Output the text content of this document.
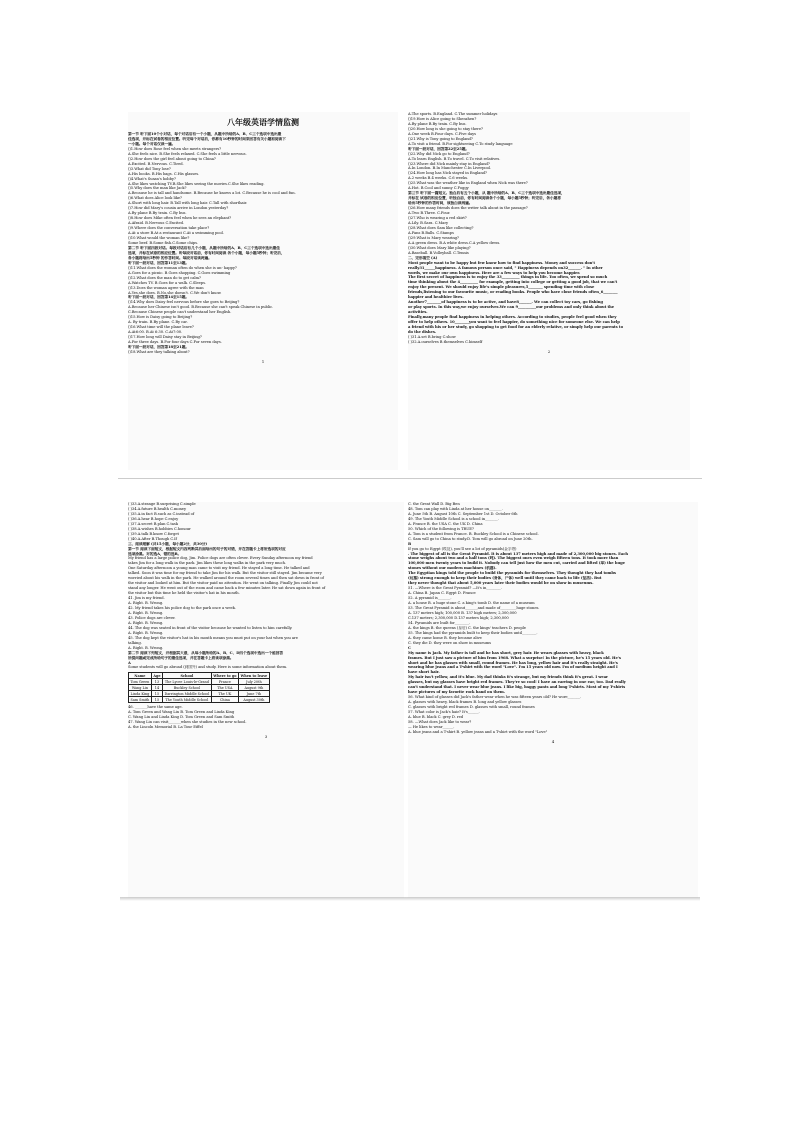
八年级英语学情监测
第一节 听下面10个小对话，每个对话后有一个小题，从题中所给的A、B、C三个选项中选出最
佳选项，并标在试卷的相应位置。听完每个对话后，你都有10秒钟的时间来回答有关小题和阅读下
一小题。每个对话仅读一遍。
()1.How does Rose feel when she meets strangers?
A.She feels nice. B.She feels relaxed. C.She feels a little nervous.
()2.How does the girl feel about going to China?
A.Excited. B.Nervous. C.Tired.
()3.What did Tony lose?
A.His books. B.His bags. C.His glasses.
()4.What's Susan's hobby?
A.She likes watching TV.B.She likes seeing the movies.C.She likes reading.
()5.Why does the man like Jack?
A.Because he is tall and handsome. B.Because he knows a lot. C.Because he is cool and fun.
()6.What does Alice look like?
A.Short with long hair. B.Tall with long hair. C.Tall with shorthair.
()7.How did Mary's cousin arrive in London yesterday?
A.By plane B.By train. C.By bus.
()8.How does Mike often feel when he sees an elephant?
A.Afraid. B.Nervous C.Excited.
()9.Where does the conversation take place?
A.At a store B.At a restaurant C.At a swimming pool.
()10.What would the woman like?
Some beef. B.Some fish.C.Some chips.
第二节 听下面四段对话。每段对话后有几个小题，从题中所给的A、B、C三个选项中选出最佳
选项，并标在试卷的相应位置。听每段对话前，你有时间阅读 各个小题，每小题5秒钟；听完后，
各小题将给出5秒钟 的作答时间。每段对话读两遍。
听下面一段对话，回答第11至13题。
()11.What does the woman often do when she is un- happy?
A.Goes for a picnic. B.Goes shopping. C.Goes swimming
()12.What does the man do to get calm?
A.Watches TV. B.Goes for a walk. C.Sleeps.
()13.Does the woman agree with the man
A.Yes,she does. B.No,she doesn't. C.We don't know.
听下面一段对话，回答第14至15题。
()14.Why does Daisy feel nervous before she goes to Beijing?
A.Because her Chinese isn't good. B.Because she can't speak Chinese in public.
C.Because Chinese people can't understand her English.
()15.How is Daisy going to Beijing?
A. By train. B.By plane. C.By car.
()16.What time will the plane leave?
A.At6:00. B.At 6:30. C.At7:00.
()17.How long will Daisy stay in Beijing?
A.For three days. B.For four days C.For seven days.
听下面一段对话，回答第18至21题。
()18.What are they talking about?
1
A.The sports. B.England. C.The summer holidays
()19.How is Alice going to Shenzhen?
A.By plane B.By train. C.By bus.
()20.How long is she going to stay there?
A.One week B.Four days. C.Five days
()21.Why is Tony going to England?
A.To visit a friend. B.For sightseeing C.To study language
听下面一段对话，回答第22至25题。
()22.Why did Nick go to England?
A.To learn English. B.To travel. C.To visit relatives.
()23.Where did Nick mainly stay in England?
A.In London. B.In Manchester C.In Liverpool.
()24.How long has Nick stayed in England?
A.2 weeks B.4 weeks. C.6 weeks.
()25.What was the weather like in England when Nick was there?
A.Hot. B.Cool and sunny C.Foggy
第三节 听下面一篇短文。独白后有五个小题，从 题中所给的A、B、C三个选项中选出最佳选项，
并标在 试卷的相应位置，听独白前，你有时间阅读各个小题，每小题5秒钟；听完后，各小题将
给出5秒钟的作答时间，该独白读两遍。
()26.How many friends does the writer talk about in the passage?
A.Two B.Three. C.Four.
()27.Who is wearing a red skirt?
A.Lily. B.Sara. C.Mary
()28.What does Sam like collecting?
A.Fans B.Balls. C.Stamps
()29.What is Mary wearing?
A.A green dress. B.A white dress.C.A yellow dress.
()30.What does Mary like playing?
A.Baseball. B.Volleyball. C.Tennis
二、完形填空 (A)
Most people want to be happy but few know how to find happiness. Money and success don't
really31______happiness. A famous person once said, " Happiness depends on32_______. " In other
words, we make our own happiness. Here are a few ways to help you become happier.
The first secret of happiness is to enjoy the 33__________ things in life. Too often, we spend so much
time thinking about the 4__________ for example, getting into college or getting a good job, that we can't
enjoy the present. We should enjoy life's simple pleasures,5________ spending time with close
friends,listening to our favourite music, or reading books. People who have close friends often_6________
happier and healthier lives.
Another7________of happiness is to be active, and have8_______. We can collect toy cars, go fishing
or play sports. In this way,we enjoy ourselves.We can 9__________our problems and only think about the
activities.
Finally,many people find happiness in helping others. According to studies, people feel good when they
offer to help others. 10________you want to feel happier, do something nice for someone else. We can help
a friend with his or her study, go shopping to get food for an elderly relative, or simply help our parents to
do the dishes.
( )31.A.set B.bring C.show
( )32.A.ourselves B.themselves C.himself
2
( )33.A.strange B.surprising C.simple
( )34.A.future B.health C.money
( )35.A.in fact B.such as C.instead of
( )36.A.hear B.hope C.enjoy
( )37.A.secret B.plan C.task
( )38.A.wishes B.hobbies C.honour
( )39.A.talk B.know C.forget
( )40.A.After B.Though C.If
三、阅读理解 (共15小题，每小题2分，共30分)
第一节 阅读下面短文，根据短文内容判断其后面给出的句子的对错，并在答题卡上将所选项的对应
选项涂黑。对的选A，错的选B。
My friend has a large police dog, Jim. Police dogs are often clever. Every Sunday afternoon my friend
takes Jim for a long walk in the park. Jim likes these long walks in the park very much.
One Saturday afternoon a young man came to visit my friend. He stayed a long time. He talked and
talked. Soon it was time for my friend to take Jim for his walk. But the visitor still stayed. Jim became very
worried about his walk in the park. He walked around the room several times and then sat down in front of
the visitor and looked at him. But the visitor paid no attention. He went on talking. Finally Jim could not
stand any longer. He went out of the room and came back a few minutes later. He sat down again in front of
the visitor but this time he held the visitor's hat in his mouth.
41. Jim is my friend.
A. Right. B. Wrong.
42. My friend takes his police dog to the park once a week.
A. Right. B. Wrong.
43. Police dogs are clever.
A. Right. B. Wrong.
44. The dog was seated in front of the visitor because he wanted to listen to him carefully.
A. Right. B. Wrong.
45. The dog kept the visitor's hat in his mouth means you must put on your hat when you are
talking.
A. Right. B. Wrong.
第二节 阅读下列短文，并根据其大意，从每小题所给的A、B、C、D四个选项中选出一个能回答
所提问题或完成所给句子的最佳选项，并在答题卡上将该项涂黑。
A
Some students will go abroad (到国外) and study. Here is some information about them.
Name	Age	School	Where to go	When to leave
Tom Green	13	The Lycee Louis-le-Grand	France	July 20th
Wang Lin	14	Buckley School	The USA	August 9th
Linda King	15	Darrington Middle School	The UK	June 7th
Sam Smith	15	The Youth Middle School	China	August 30th
46. _______have the same age.
A. Tom Green and Wang Lin B. Tom Green and Linda King
C. Wang Lin and Linda King D. Tom Green and Sam Smith
47. Wang Lin can visit_______when she studies in the new school.
A. the Lincoln Memorial B. La Tour Eiffel
3
C. the Great Wall D. Big Ben
48. Tom can play with Linda at her house on_______.
A. June 5th B. August 10th C. September 1st D. October 6th
49. The Youth Middle School is a school in_______.
A. France B. the USA C. the UK D. China
50. Which of the following is TRUE?
A. Tom is a student from France. B. Buckley School is a Chinese school.
C. Sam will go to China to study.D. Tom will go abroad on June 20th.
B
If you go to Egypt (埃及), you'll see a lot of pyramids(金字塔)
. The biggest of all is the Great Pyramid. It is about 137 meters high and made of 2,300,000 big stones. Each
stone weighs about two and a half tons (吨). The biggest ones even weigh fifteen tons. It took more than
100,000 men twenty years to build it. Nobody can tell just how the men cut, carried and lifted (举) the huge
stones without our modern machines (机器).
The Egyptian kings told the people to build the pyramids for themselves. They thought they had tombs
(坟墓) strong enough to keep their bodies (身体，尸体) well until they came back to life (复活). But
they never thought that about 5,000 years later their bodies would be on show in museums.
51. —Where is the Great Pyramid? —It's in________.
A. China B. Japan C. Egypt D. France
52. A pyramid is_______.
A. a house B. a huge stone C. a king's tomb D. the name of a museum
53. The Great Pyramid is about_______and made of_________huge stones.
A. 137 meters high; 100,000 B. 137 high meters; 2,300,000
C.137 meters; 2,300,000 D.137 meters high; 2,300,000
54. Pyramids are built for________.
A. the kings B. the queens (皇后) C. the kings' teachers D. people
55. The kings had the pyramids built to keep their bodies until________.
A. they came home B. they became alive
C. they die D. they were on show in museums
C
My name is Jack. My father is tall and he has short, grey hair. He wears glasses with heavy, black
frames. But I just saw a picture of him from 1968. What a surprise! In the picture, he's 15 years old. He's
short and he has glasses with small, round frames. He has long, yellow hair and it's really straight. He's
wearing blue jeans and a T-shirt with the word "Love". I'm 15 years old now. I'm of medium height and I
have short hair.
My hair isn't yellow, and it's blue. My dad thinks it's strange, but my friends think it's great. I wear
glasses, but my glasses have bright red frames. They're so cool! I have an earring in one ear, too. Dad really
can't understand that. I never wear blue jeans. I like big, baggy pants and long T-shirts. Most of my T-shirts
have pictures of my favorite rock band on them.
56. What kind of glasses did Jack's father wear when he was fifteen years old? He wore_______.
A. glasses with heavy, black frames B. long and yellow glasses
C. glasses with bright red frames D. glasses with small, round frames
57. What color is Jack's hair? It's______.
A. blue B. black C. grey D. red
58. —What does Jack like to wear?
— He likes to wear______.
A. blue jeans and a T-shirt B. yellow jeans and a T-shirt with the word "Love"
4
